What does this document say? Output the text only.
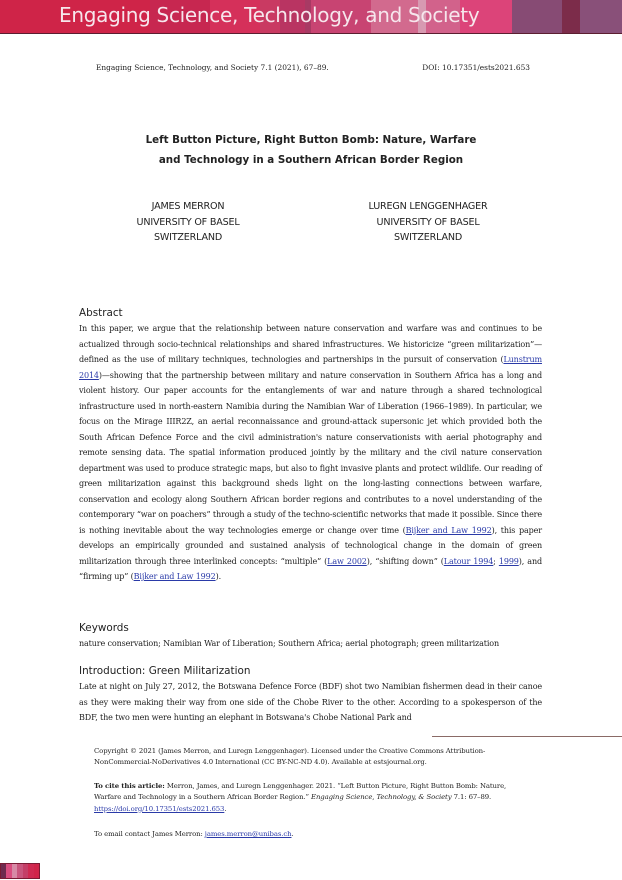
Engaging Science, Technology, and Society
Engaging Science, Technology, and Society 7.1 (2021), 67–89.	DOI: 10.17351/ests2021.653
Left Button Picture, Right Button Bomb: Nature, Warfare
and Technology in a Southern African Border Region
JAMES MERRON
UNIVERSITY OF BASEL
SWITZERLAND
LUREGN LENGGENHAGER
UNIVERSITY OF BASEL
SWITZERLAND
Abstract
In this paper, we argue that the relationship between nature conservation and warfare was and continues to be actualized through socio-technical relationships and shared infrastructures. We historicize “green militarization”—defined as the use of military techniques, technologies and partnerships in the pursuit of conservation (Lunstrum 2014)—showing that the partnership between military and nature conservation in Southern Africa has a long and violent history. Our paper accounts for the entanglements of war and nature through a shared technological infrastructure used in north-eastern Namibia during the Namibian War of Liberation (1966–1989). In particular, we focus on the Mirage IIIR2Z, an aerial reconnaissance and ground-attack supersonic jet which provided both the South African Defence Force and the civil administration's nature conservationists with aerial photography and remote sensing data. The spatial information produced jointly by the military and the civil nature conservation department was used to produce strategic maps, but also to fight invasive plants and protect wildlife. Our reading of green militarization against this background sheds light on the long-lasting connections between warfare, conservation and ecology along Southern African border regions and contributes to a novel understanding of the contemporary “war on poachers” through a study of the techno-scientific networks that made it possible. Since there is nothing inevitable about the way technologies emerge or change over time (Bijker and Law 1992), this paper develops an empirically grounded and sustained analysis of technological change in the domain of green militarization through three interlinked concepts: “multiple” (Law 2002), “shifting down” (Latour 1994; 1999), and “firming up” (Bijker and Law 1992).
Keywords
nature conservation; Namibian War of Liberation; Southern Africa; aerial photograph; green militarization
Introduction: Green Militarization
Late at night on July 27, 2012, the Botswana Defence Force (BDF) shot two Namibian fishermen dead in their canoe as they were making their way from one side of the Chobe River to the other. According to a spokesperson of the BDF, the two men were hunting an elephant in Botswana's Chobe National Park and
Copyright © 2021 (James Merron, and Luregn Lenggenhager). Licensed under the Creative Commons Attribution-NonCommercial-NoDerivatives 4.0 International (CC BY-NC-ND 4.0). Available at estsjournal.org.
To cite this article: Merron, James, and Luregn Lenggenhager. 2021. “Left Button Picture, Right Button Bomb: Nature, Warfare and Technology in a Southern African Border Region.” Engaging Science, Technology, & Society 7.1: 67–89. https://doi.org/10.17351/ests2021.653.
To email contact James Merron: james.merron@unibas.ch.
